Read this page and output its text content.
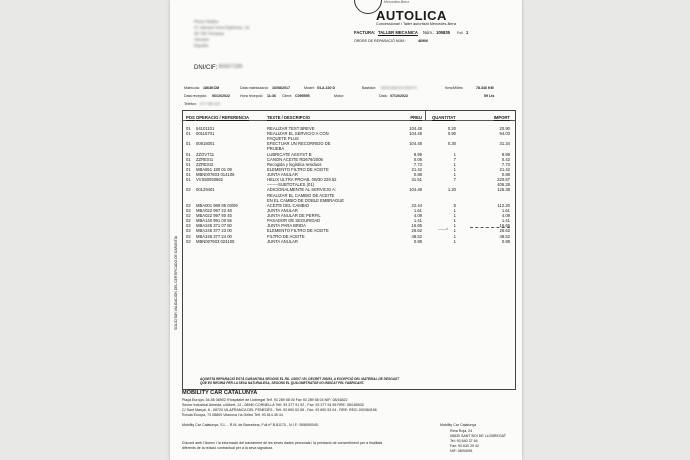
Mercedes-Benz
AUTOLICA
Concessionari i Taller autoritzat Mercedes-Benz
Pérez Nadeu
Cl. Manuel Vera Espinosa, 15
08 700 Terrassa
Alicante
España
DNI/CIF: 45667189
FACTURA: TALLER MECANICA Núm.: 105835 Foli 1
ORDRE DE REPARACIÓ NÚM.:	46906
Matrícula: 1864KCM	Data matriculació: 16/08/2017	Model: GLA 220 D	Bastidor: WDD1569121J335771	Kms/Milles:	78.346 KM
Data recepció: 06/10/2022	Hora recepció: 11:36 Client: C095595	Motor:	Data: 07/10/2022	59 Lts
Telèfon: 677 458 220
POS OPERACIO / REFERENCIA	TEXTE / DESCRIPCIO	PREU QUANTITAT	IMPORT
01 54101101	REALIZAR TEST BREVE	104.48	0.20	20.90
01 00115701	REALIZAR EL SERVICIO A CON	104.48	0.90	94.03
PAQUETE PLUS
01 00915001	EFECTUAR UN RECORRIDO DE	104.48	0.30	31.34
PRUEBA
01 ZZGVT11	LUBRICATE ASSYST B	8.99	1	8.99
01 ZZRESI1	CANON ACEITE RD679/2006	0.06	7	0.42
01 ZZRESI2	Recogida y logística residuos	7.73	1	7.73
01 MBA651 180 01 09	ELEMENTO FILTRO DE ACEITE	21.42	1	21.42
01 MBN007603 014106	JUNTA ANULAR	0.88	1	0.88
01 VVS50050662	HELIX ULTRA PROAB. 0W30 229.52	31.51	7	220.57
--------SUBTOTALES (01)	406.28
02 00129401	ADICIONALMENTE AL SERVICIO A:	104.48	1.20	125.38
REALIZAR EL CAMBIO DE ACEITE
EN EL CAMBIO DE DOBLE EMBRAGUE
02 MBA001 989 85 03/09	ACEITE DEL CAMBIO	22.44	5	112.20
02 MBA022 997 22 48	JUNTA ANULAR	1.61	1	1.61
02 MBA022 997 80 45	JUNTA ANULAR DE PERFIL	4.08	1	4.08
02 MBA140 991 00 55	PASADOR DE SEGURIDAD	1.41	1	1.41
02 MBA246 371 07 80	JUNTA PARA BRIDA	16.65	1	16.65
02 MBA246 377 23 00	ELEMENTO FILTRO DE ACEITE	26.62	1	26.62
02 MBA246 377 24 00	FILTRO DE ACEITE	48.52	1	48.52
02 MBN007603 024105	JUNTA ANULAR	0.88	1	0.88
——>
AQUESTA REPARACIÓ ESTÀ GARANTIDA SEGONS EL RD. 1/2007 I EL DECRET 298/91, A EXCEPCIÓ DEL MATERIAL DE DESGAST
QUE ES REGIRÀ PER LA SEVA NATURALESA, SEGONS EL QUILOMETRATGE I/O INDICAT PEL FABRICANT.
SOLICITAR VALIDACIÓN DEL CERTIFICADO DE GARANTÍA
MOBILITY CAR CATALUNYA
Plaça Europa, 54-56 08902 l'Hospitalet de Llobregat Telf. 93 289 58 00 Fax 93 289 58 04 NIF: 08/16822
Sector Industrial Almeda, c/Albert, 14 - 08940 CORNELLÀ Telf. 93 377 91 92 - Fax: 93 377 94 55 RRE: 08/185530
C/ Sant Marçal, 8 - 08720 VILAFRANCA DEL PENEDÈS - Telf. 93 890 53 58 - Fax: 93 890 53 04 - RRE: REIC-000384166
Ronda Europa, 73 08800 Vilanova i la Geltrú Telf. 93 814 45 44
Mobility Car Catalunya, S.L. - R.M. de Barcelona, Full nº B-81170 - N.I.F.: B08090045
D'acord amb l'Annex I la informació del tractament de les seves dades personals i la prestació de consentiment per a finalitats
diferents de la relació contractual per a la seva signatura.
Mobility Car Catalunya
Rera Roja, 24
08830 SANT BOI DE LLOBREGAT
Tel: 93 640 37 64
Fax: 93 630 29 42
NIF: 08/94091
